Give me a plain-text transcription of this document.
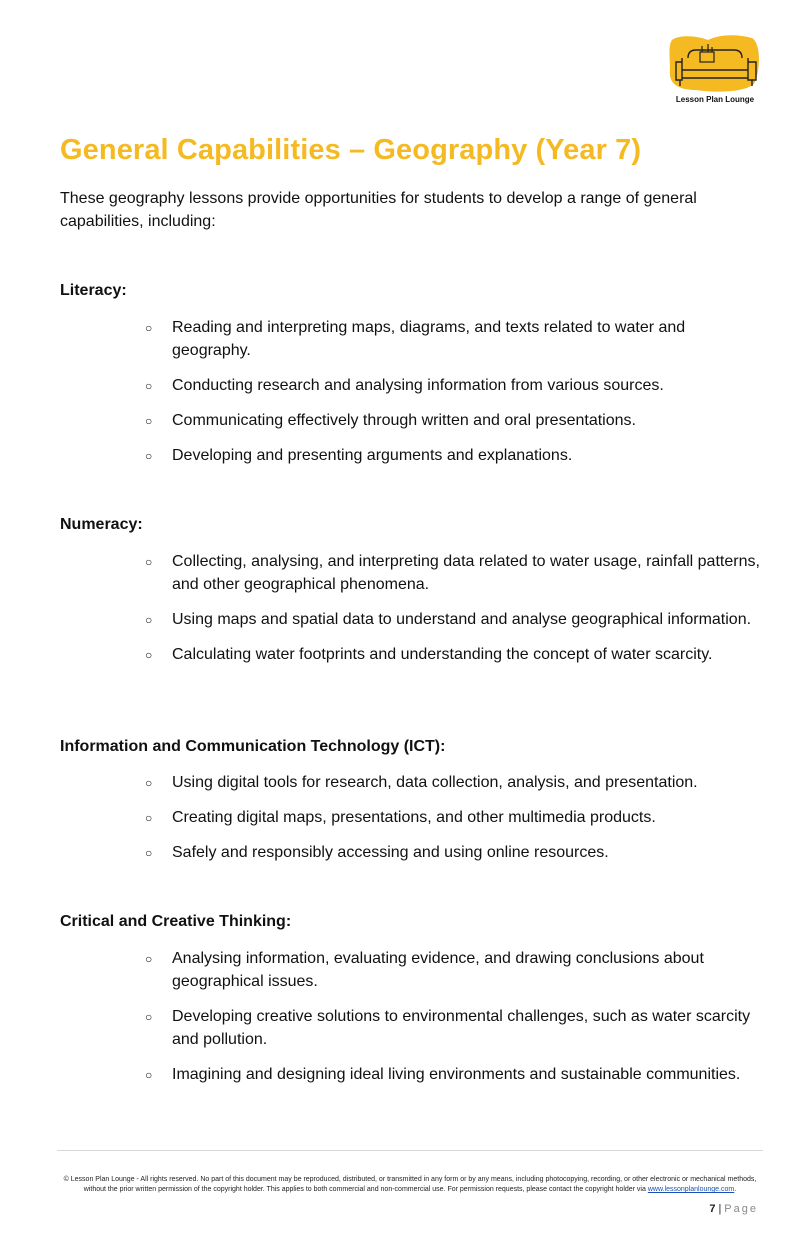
Lesson Plan Lounge
General Capabilities – Geography (Year 7)

These geography lessons provide opportunities for students to develop a range of general capabilities, including:

Literacy:
○ Reading and interpreting maps, diagrams, and texts related to water and geography.
○ Conducting research and analysing information from various sources.
○ Communicating effectively through written and oral presentations.
○ Developing and presenting arguments and explanations.
Numeracy:
○ Collecting, analysing, and interpreting data related to water usage, rainfall patterns, and other geographical phenomena.
○ Using maps and spatial data to understand and analyse geographical information.
○ Calculating water footprints and understanding the concept of water scarcity.
Information and Communication Technology (ICT):
○ Using digital tools for research, data collection, analysis, and presentation.
○ Creating digital maps, presentations, and other multimedia products.
○ Safely and responsibly accessing and using online resources.
Critical and Creative Thinking:
○ Analysing information, evaluating evidence, and drawing conclusions about geographical issues.
○ Developing creative solutions to environmental challenges, such as water scarcity and pollution.
○ Imagining and designing ideal living environments and sustainable communities.
© Lesson Plan Lounge - All rights reserved. No part of this document may be reproduced, distributed, or transmitted in any form or by any means, including photocopying, recording, or other electronic or mechanical methods, without the prior written permission of the copyright holder. This applies to both commercial and non-commercial use. For permission requests, please contact the copyright holder via www.lessonplanlounge.com.
7 | Page
